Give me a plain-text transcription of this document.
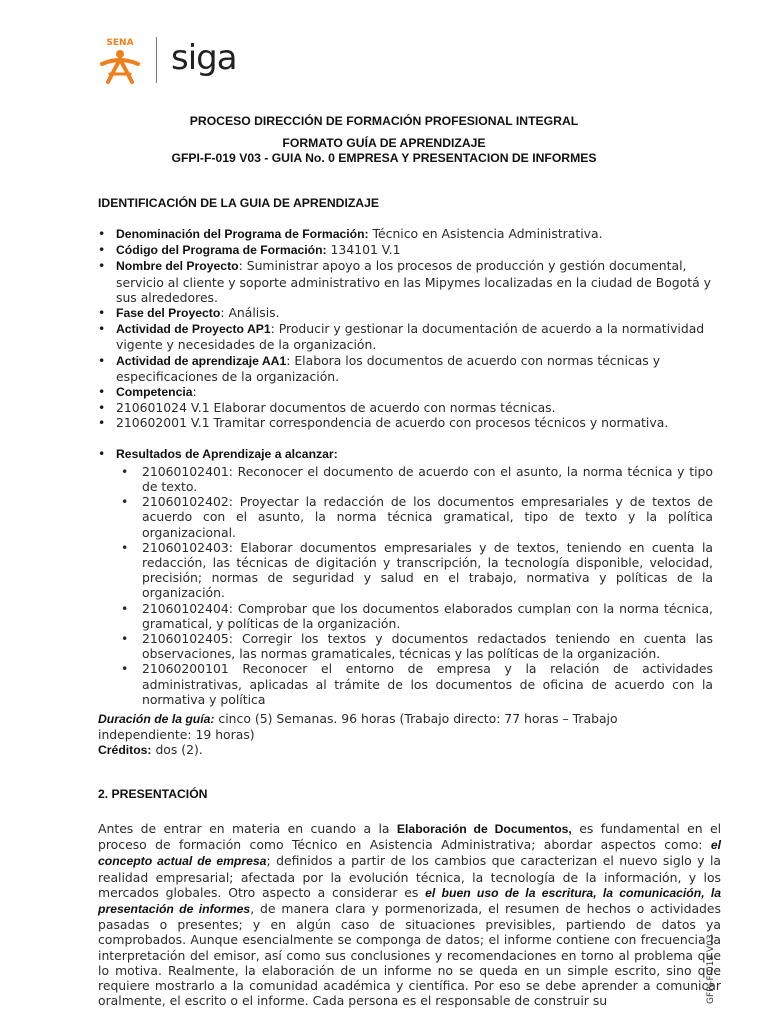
SENA siga
PROCESO DIRECCIÓN DE FORMACIÓN PROFESIONAL INTEGRAL
FORMATO GUÍA DE APRENDIZAJE
GFPI-F-019 V03 - GUIA No. 0 EMPRESA Y PRESENTACION DE INFORMES
IDENTIFICACIÓN DE LA GUIA DE APRENDIZAJE
• Denominación del Programa de Formación: Técnico en Asistencia Administrativa.
• Código del Programa de Formación: 134101 V.1
• Nombre del Proyecto: Suministrar apoyo a los procesos de producción y gestión documental, servicio al cliente y soporte administrativo en las Mipymes localizadas en la ciudad de Bogotá y sus alrededores.
• Fase del Proyecto: Análisis.
• Actividad de Proyecto AP1: Producir y gestionar la documentación de acuerdo a la normatividad vigente y necesidades de la organización.
• Actividad de aprendizaje AA1: Elabora los documentos de acuerdo con normas técnicas y especificaciones de la organización.
• Competencia:
• 210601024 V.1 Elaborar documentos de acuerdo con normas técnicas.
• 210602001 V.1 Tramitar correspondencia de acuerdo con procesos técnicos y normativa.
• Resultados de Aprendizaje a alcanzar:
• 21060102401: Reconocer el documento de acuerdo con el asunto, la norma técnica y tipo de texto.
• 21060102402: Proyectar la redacción de los documentos empresariales y de textos de acuerdo con el asunto, la norma técnica gramatical, tipo de texto y la política organizacional.
• 21060102403: Elaborar documentos empresariales y de textos, teniendo en cuenta la redacción, las técnicas de digitación y transcripción, la tecnología disponible, velocidad, precisión; normas de seguridad y salud en el trabajo, normativa y políticas de la organización.
• 21060102404: Comprobar que los documentos elaborados cumplan con la norma técnica, gramatical, y políticas de la organización.
• 21060102405: Corregir los textos y documentos redactados teniendo en cuenta las observaciones, las normas gramaticales, técnicas y las políticas de la organización.
• 21060200101 Reconocer el entorno de empresa y la relación de actividades administrativas, aplicadas al trámite de los documentos de oficina de acuerdo con la normativa y política
Duración de la guía: cinco (5) Semanas. 96 horas (Trabajo directo: 77 horas – Trabajo independiente: 19 horas)
Créditos: dos (2).
2. PRESENTACIÓN

Antes de entrar en materia en cuando a la Elaboración de Documentos, es fundamental en el proceso de formación como Técnico en Asistencia Administrativa; abordar aspectos como: el concepto actual de empresa; definidos a partir de los cambios que caracterizan el nuevo siglo y la realidad empresarial; afectada por la evolución técnica, la tecnología de la información, y los mercados globales. Otro aspecto a considerar es el buen uso de la escritura, la comunicación, la presentación de informes, de manera clara y pormenorizada, el resumen de hechos o actividades pasadas o presentes; y en algún caso de situaciones previsibles, partiendo de datos ya comprobados. Aunque esencialmente se componga de datos; el informe contiene con frecuencia la interpretación del emisor, así como sus conclusiones y recomendaciones en torno al problema que lo motiva. Realmente, la elaboración de un informe no se queda en un simple escrito, sino que requiere mostrarlo a la comunidad académica y científica. Por eso se debe aprender a comunicar oralmente, el escrito o el informe. Cada persona es el responsable de construir su	GFPI-F-019 V03
